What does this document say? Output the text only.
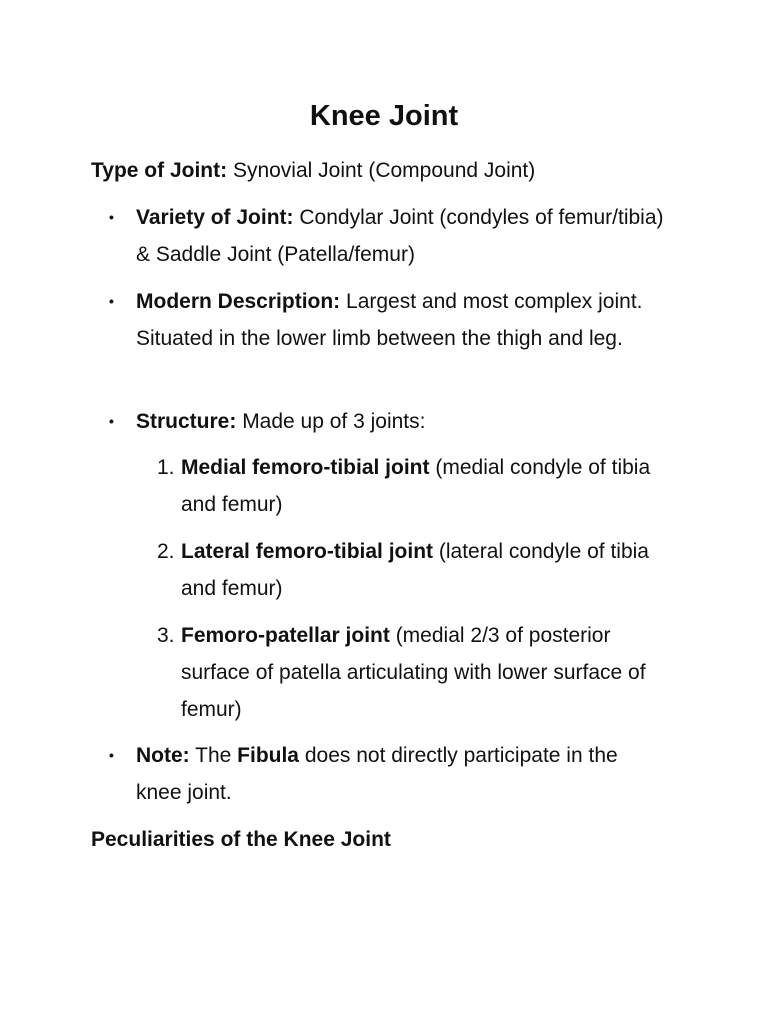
Knee Joint

Type of Joint: Synovial Joint (Compound Joint)

•	Variety of Joint: Condylar Joint (condyles of femur/tibia) & Saddle Joint (Patella/femur)
•	Modern Description: Largest and most complex joint. Situated in the lower limb between the thigh and leg.
•	Structure: Made up of 3 joints:
1. Medial femoro-tibial joint (medial condyle of tibia and femur)
2. Lateral femoro-tibial joint (lateral condyle of tibia and femur)
3. Femoro-patellar joint (medial 2/3 of posterior surface of patella articulating with lower surface of femur)
•	Note: The Fibula does not directly participate in the knee joint.

Peculiarities of the Knee Joint
